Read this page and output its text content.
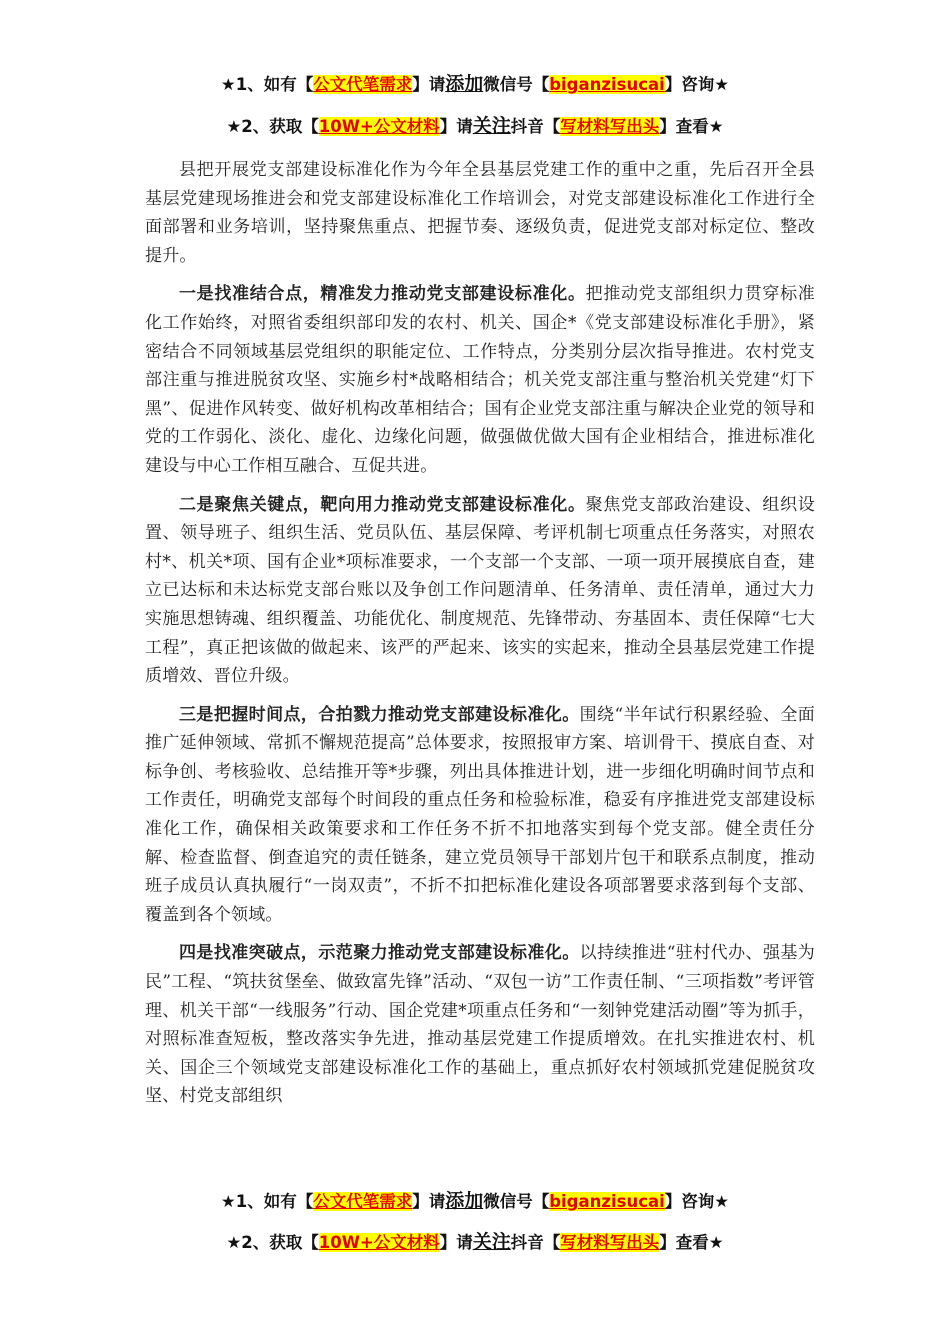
★1、如有【公文代笔需求】请添加微信号【biganzisucai】咨询★
★2、获取【10W+公文材料】请关注抖音【写材料写出头】查看★

县把开展党支部建设标准化作为今年全县基层党建工作的重中之重，先后召开全县基层党建现场推进会和党支部建设标准化工作培训会，对党支部建设标准化工作进行全面部署和业务培训，坚持聚焦重点、把握节奏、逐级负责，促进党支部对标定位、整改提升。

一是找准结合点，精准发力推动党支部建设标准化。把推动党支部组织力贯穿标准化工作始终，对照省委组织部印发的农村、机关、国企*《党支部建设标准化手册》，紧密结合不同领域基层党组织的职能定位、工作特点，分类别分层次指导推进。农村党支部注重与推进脱贫攻坚、实施乡村*战略相结合；机关党支部注重与整治机关党建“灯下黑”、促进作风转变、做好机构改革相结合；国有企业党支部注重与解决企业党的领导和党的工作弱化、淡化、虚化、边缘化问题，做强做优做大国有企业相结合，推进标准化建设与中心工作相互融合、互促共进。

二是聚焦关键点，靶向用力推动党支部建设标准化。聚焦党支部政治建设、组织设置、领导班子、组织生活、党员队伍、基层保障、考评机制七项重点任务落实，对照农村*、机关*项、国有企业*项标准要求，一个支部一个支部、一项一项开展摸底自查，建立已达标和未达标党支部台账以及争创工作问题清单、任务清单、责任清单，通过大力实施思想铸魂、组织覆盖、功能优化、制度规范、先锋带动、夯基固本、责任保障“七大工程”，真正把该做的做起来、该严的严起来、该实的实起来，推动全县基层党建工作提质增效、晋位升级。

三是把握时间点，合拍戮力推动党支部建设标准化。围绕“半年试行积累经验、全面推广延伸领域、常抓不懈规范提高”总体要求，按照报审方案、培训骨干、摸底自查、对标争创、考核验收、总结推开等*步骤，列出具体推进计划，进一步细化明确时间节点和工作责任，明确党支部每个时间段的重点任务和检验标准，稳妥有序推进党支部建设标准化工作，确保相关政策要求和工作任务不折不扣地落实到每个党支部。健全责任分解、检查监督、倒查追究的责任链条，建立党员领导干部划片包干和联系点制度，推动班子成员认真执履行“一岗双责”，不折不扣把标准化建设各项部署要求落到每个支部、覆盖到各个领域。

四是找准突破点，示范聚力推动党支部建设标准化。以持续推进“驻村代办、强基为民”工程、“筑扶贫堡垒、做致富先锋”活动、“双包一访”工作责任制、“三项指数”考评管理、机关干部“一线服务”行动、国企党建*项重点任务和“一刻钟党建活动圈”等为抓手，对照标准查短板，整改落实争先进，推动基层党建工作提质增效。在扎实推进农村、机关、国企三个领域党支部建设标准化工作的基础上，重点抓好农村领域抓党建促脱贫攻坚、村党支部组织

★1、如有【公文代笔需求】请添加微信号【biganzisucai】咨询★
★2、获取【10W+公文材料】请关注抖音【写材料写出头】查看★
